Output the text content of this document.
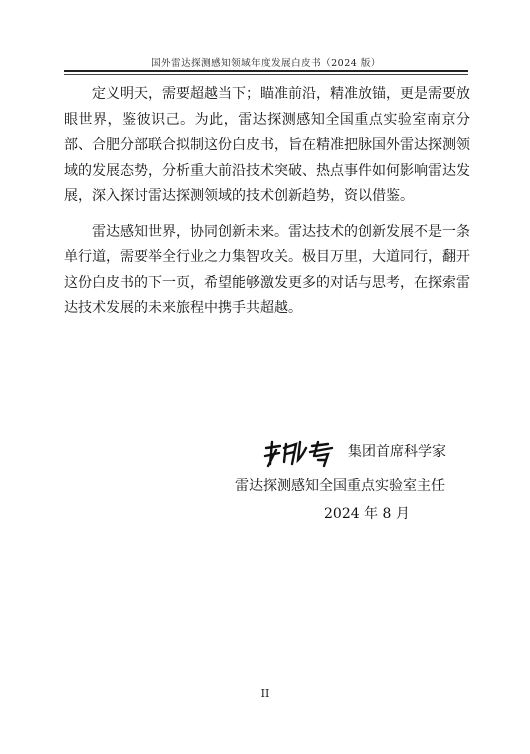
国外雷达探测感知领域年度发展白皮书（2024 版）

定义明天，需要超越当下；瞄准前沿，精准放锚，更是需要放眼世界，鉴彼识己。为此，雷达探测感知全国重点实验室南京分部、合肥分部联合拟制这份白皮书，旨在精准把脉国外雷达探测领域的发展态势，分析重大前沿技术突破、热点事件如何影响雷达发展，深入探讨雷达探测领域的技术创新趋势，资以借鉴。

雷达感知世界，协同创新未来。雷达技术的创新发展不是一条单行道，需要举全行业之力集智攻关。极目万里，大道同行，翻开这份白皮书的下一页，希望能够激发更多的对话与思考，在探索雷达技术发展的未来旅程中携手共超越。

集团首席科学家
雷达探测感知全国重点实验室主任
2024 年 8 月
II
